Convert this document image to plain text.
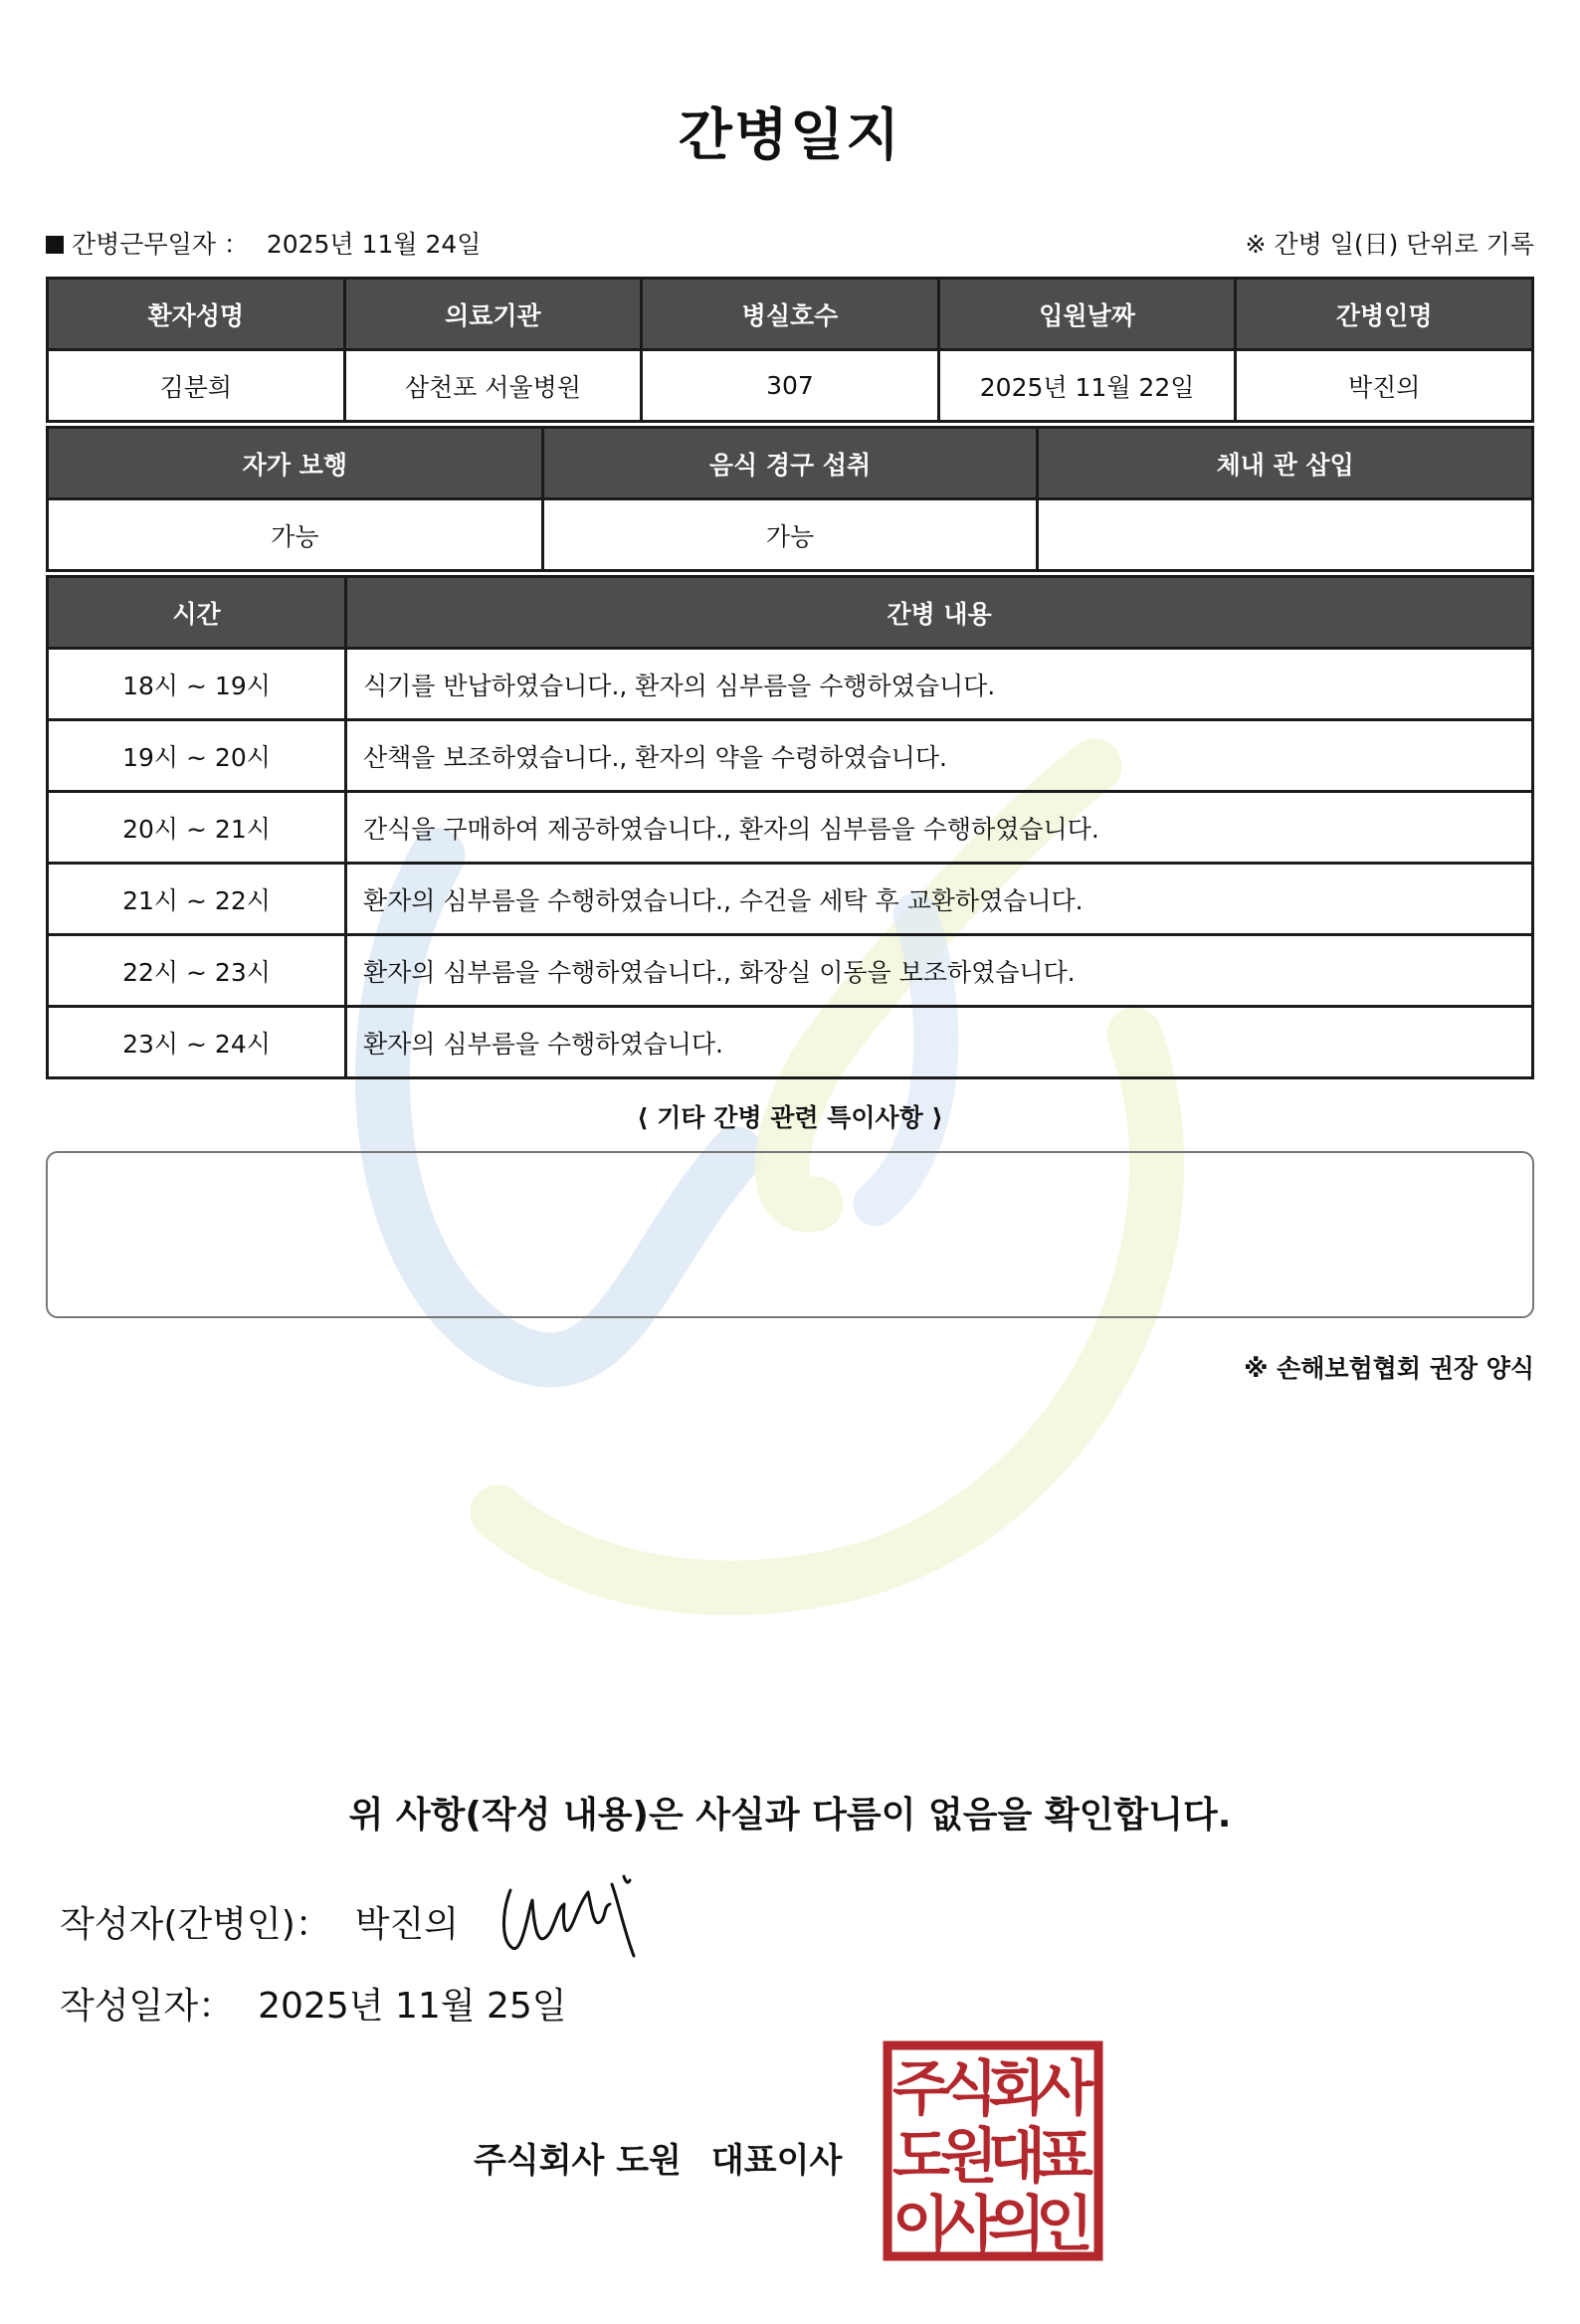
간병일지
간병근무일자 ： 2025년 11월 24일	※ 간병 일(日) 단위로 기록
환자성명	의료기관	병실호수	입원날짜	간병인명
김분희	삼천포 서울병원	307	2025년 11월 22일	박진의
자가 보행	음식 경구 섭취	체내 관 삽입
가능	가능	
시간	간병 내용
18시 ~ 19시	식기를 반납하였습니다., 환자의 심부름을 수행하였습니다.
19시 ~ 20시	산책을 보조하였습니다., 환자의 약을 수령하였습니다.
20시 ~ 21시	간식을 구매하여 제공하였습니다., 환자의 심부름을 수행하였습니다.
21시 ~ 22시	환자의 심부름을 수행하였습니다., 수건을 세탁 후 교환하였습니다.
22시 ~ 23시	환자의 심부름을 수행하였습니다., 화장실 이동을 보조하였습니다.
23시 ~ 24시	환자의 심부름을 수행하였습니다.
⟨ 기타 간병 관련 특이사항 ⟩
※ 손해보험협회 권장 양식
위 사항(작성 내용)은 사실과 다름이 없음을 확인합니다.
작성자(간병인)： 박진의
작성일자： 2025년 11월 25일
주식회사 도원 대표이사
주
식
회
사
도
원
대
표
이
사
의
인
